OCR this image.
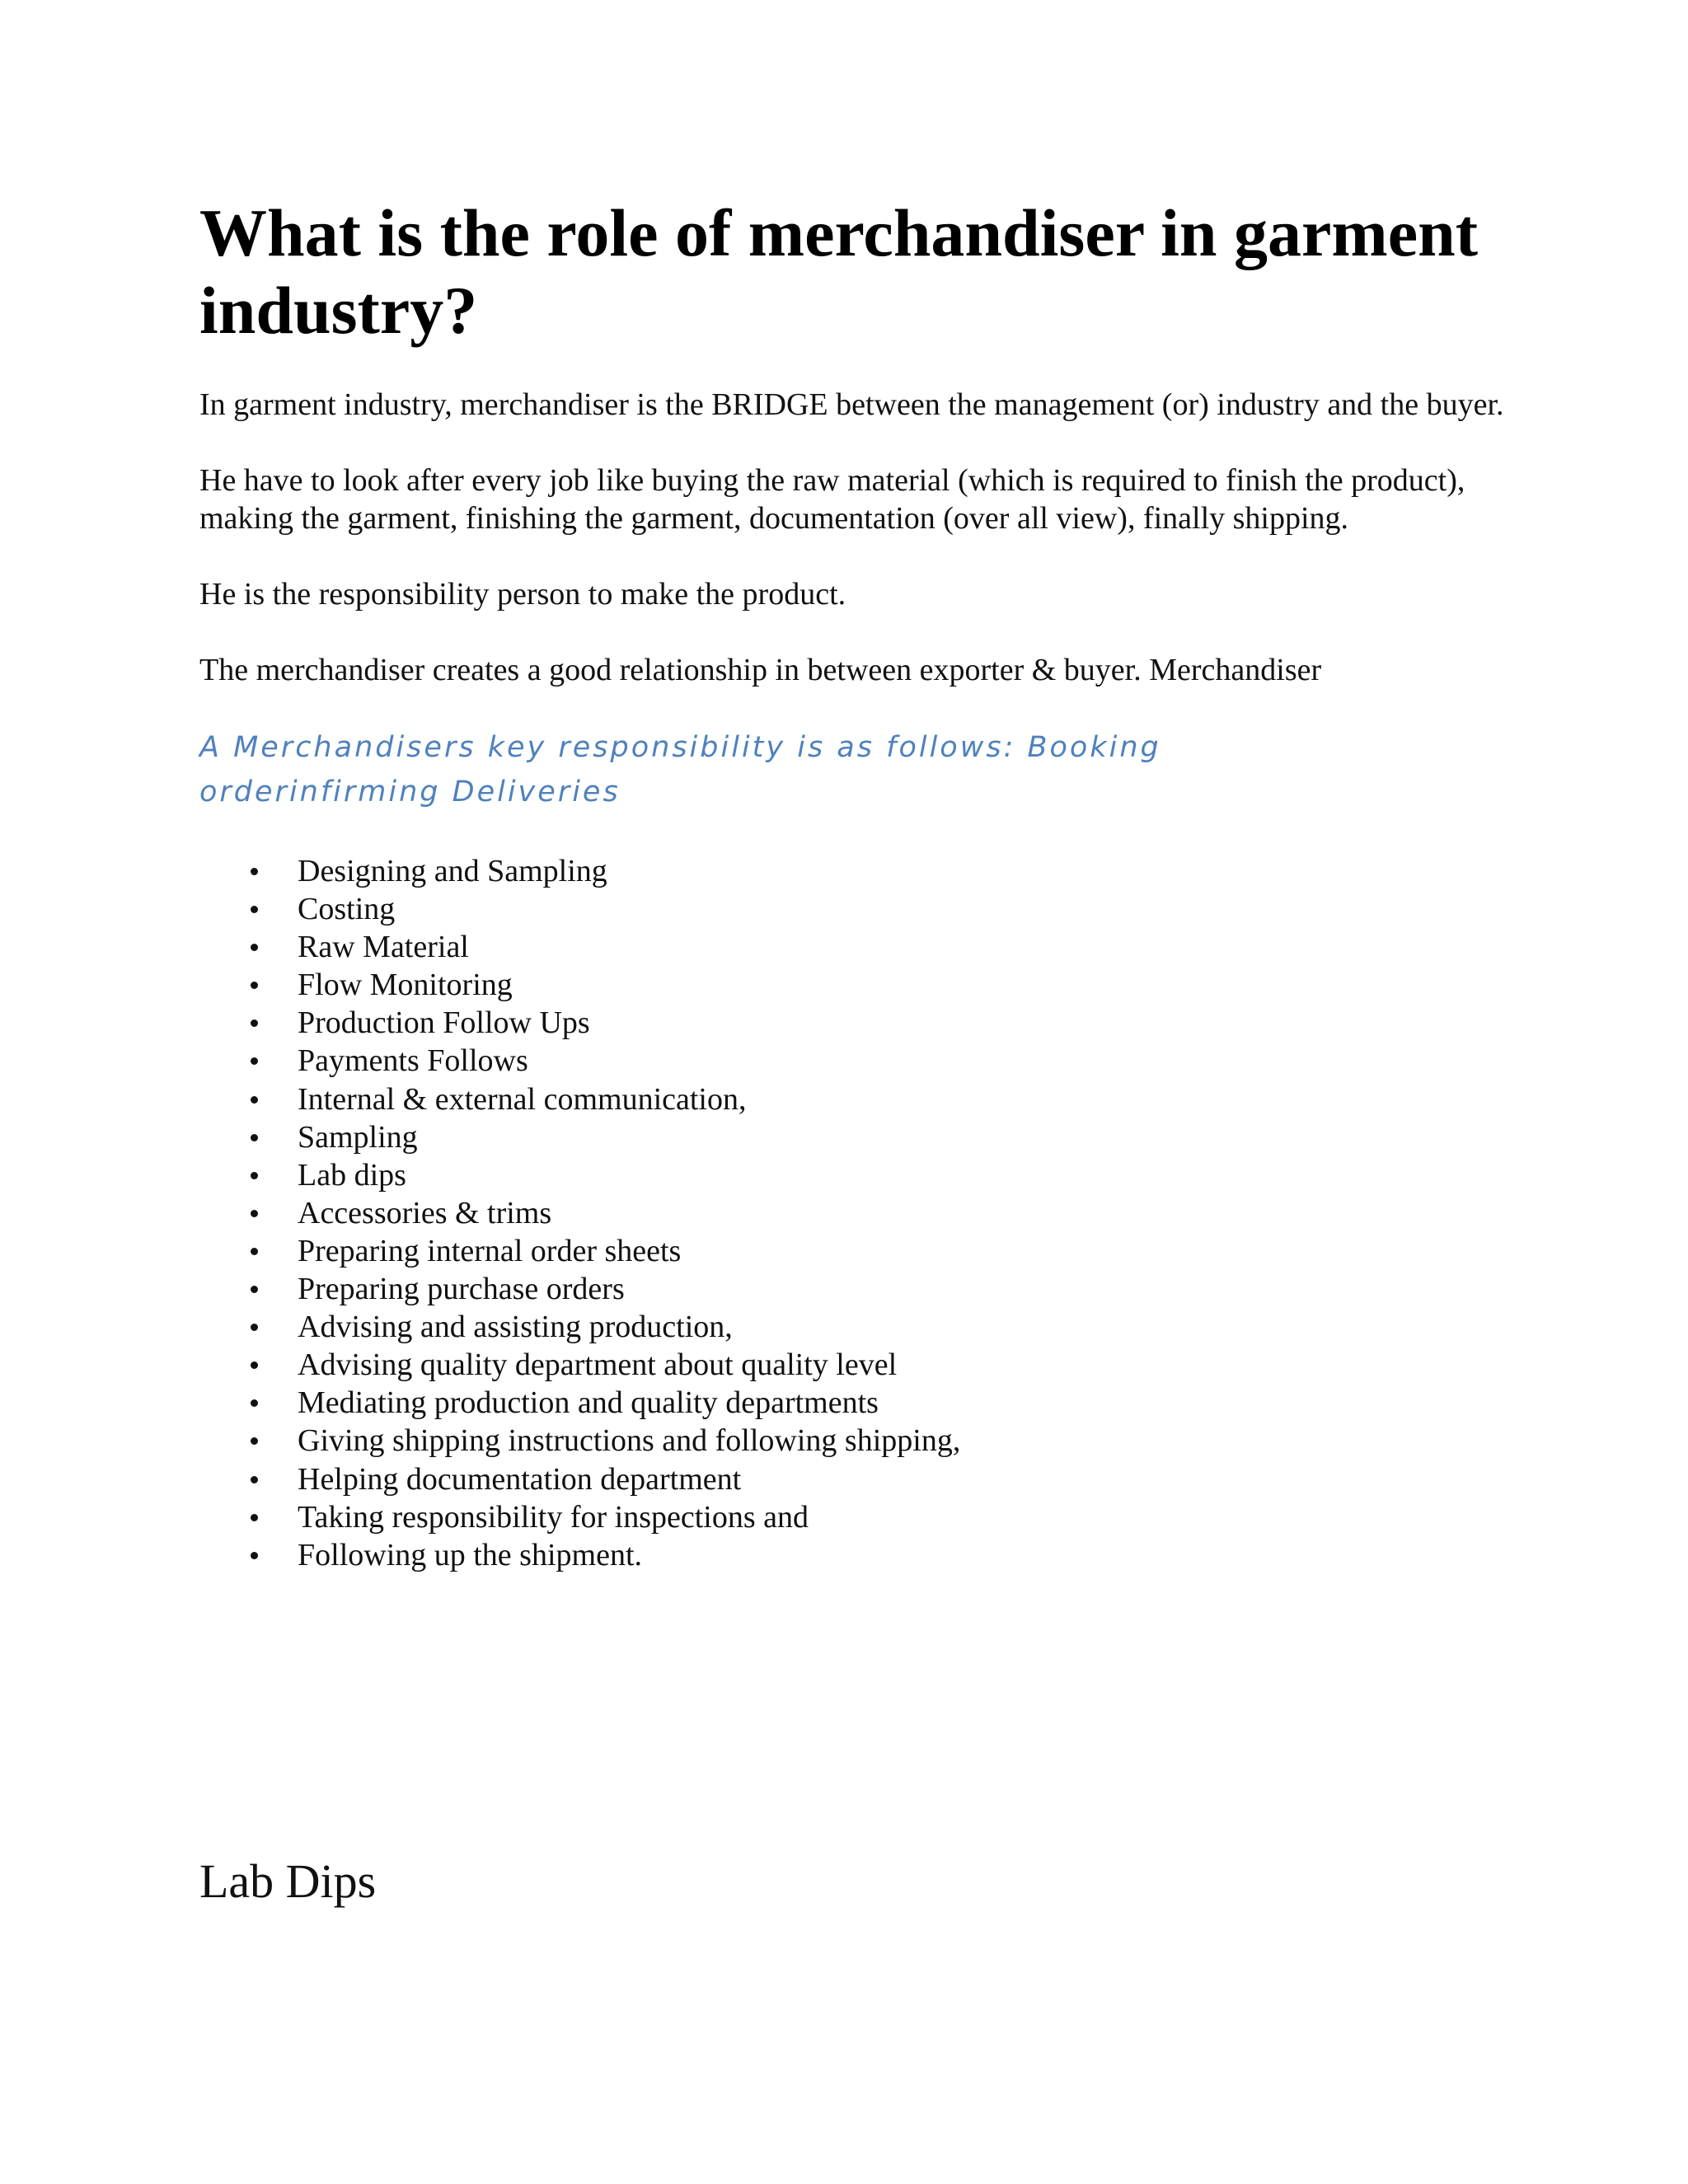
What is the role of merchandiser in garment industry?

In garment industry, merchandiser is the BRIDGE between the management (or) industry and the buyer.

He have to look after every job like buying the raw material (which is required to finish the product), making the garment, finishing the garment, documentation (over all view), finally shipping.

He is the responsibility person to make the product.

The merchandiser creates a good relationship in between exporter & buyer. Merchandiser

A Merchandisers key responsibility is as follows: Booking orderinfirming Deliveries
Designing and Sampling
Costing
Raw Material
Flow Monitoring
Production Follow Ups
Payments Follows
Internal & external communication,
Sampling
Lab dips
Accessories & trims
Preparing internal order sheets
Preparing purchase orders
Advising and assisting production,
Advising quality department about quality level
Mediating production and quality departments
Giving shipping instructions and following shipping,
Helping documentation department
Taking responsibility for inspections and
Following up the shipment.
Lab Dips
